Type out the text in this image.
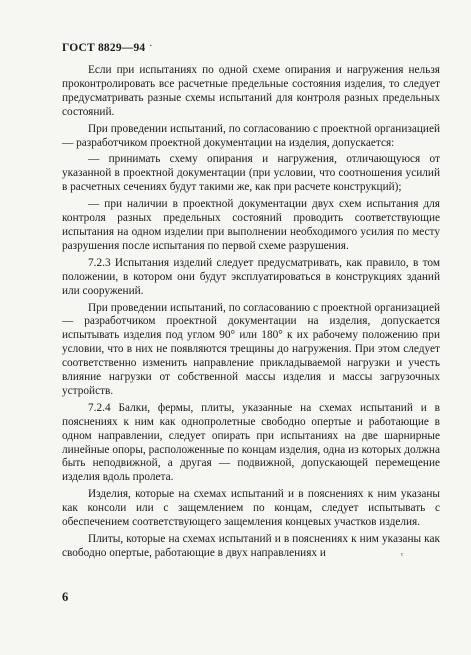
ГОСТ 8829—94 ·

Если при испытаниях по одной схеме опирания и нагружения нельзя проконтролировать все расчетные предельные состояния изделия, то следует предусматривать разные схемы испытаний для контроля разных предельных состояний.

При проведении испытаний, по согласованию с проектной организацией — разработчиком проектной документации на изделия, допускается:

— принимать схему опирания и нагружения, отличающуюся от указанной в проектной документации (при условии, что соотношения усилий в расчетных сечениях будут такими же, как при расчете конструкций);

— при наличии в проектной документации двух схем испытания для контроля разных предельных состояний проводить соответствующие испытания на одном изделии при выполнении необходимого усилия по месту разрушения после испытания по первой схеме разрушения.

7.2.3 Испытания изделий следует предусматривать, как правило, в том положении, в котором они будут эксплуатироваться в конструкциях зданий или сооружений.

При проведении испытаний, по согласованию с проектной организацией — разработчиком проектной документации на изделия, допускается испытывать изделия под углом 90° или 180° к их рабочему положению при условии, что в них не появляются трещины до нагружения. При этом следует соответственно изменить направление прикладываемой нагрузки и учесть влияние нагрузки от собственной массы изделия и массы загрузочных устройств.

7.2.4 Балки, фермы, плиты, указанные на схемах испытаний и в пояснениях к ним как однопролетные свободно опертые и работающие в одном направлении, следует опирать при испытаниях на две шарнирные линейные опоры, расположенные по концам изделия, одна из которых должна быть неподвижной, а другая — подвижной, допускающей перемещение изделия вдоль пролета.

Изделия, которые на схемах испытаний и в пояснениях к ним указаны как консоли или с защемлением по концам, следует испытывать с обеспечением соответствующего защемления концевых участков изделия.

Плиты, которые на схемах испытаний и в пояснениях к ним указаны как свободно опертые, работающие в двух направлениях и	ᶜ
6
